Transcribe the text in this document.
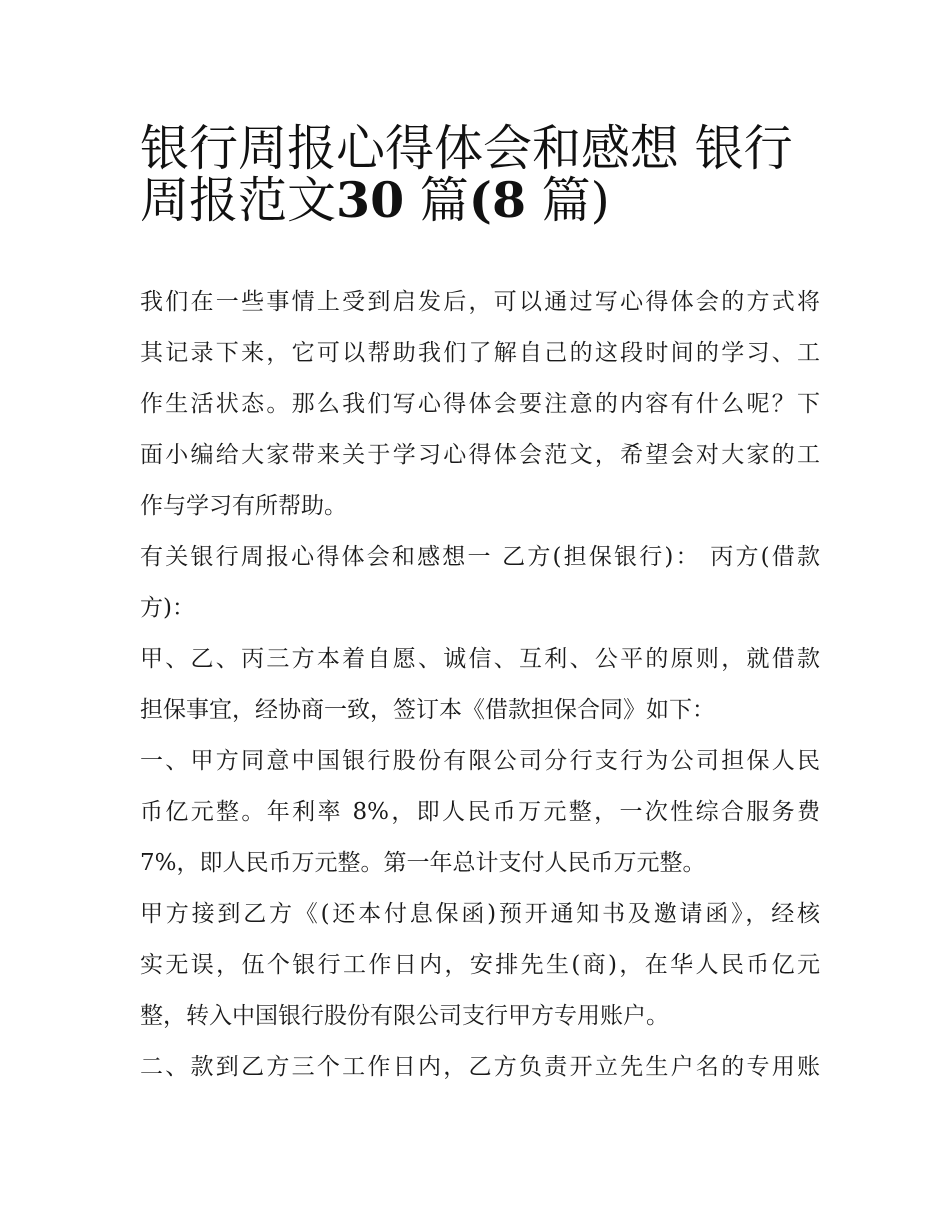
银行周报心得体会和感想 银行
周报范文30 篇(8 篇)
我们在一些事情上受到启发后，可以通过写心得体会的方式将
其记录下来，它可以帮助我们了解自己的这段时间的学习、工
作生活状态。那么我们写心得体会要注意的内容有什么呢？下
面小编给大家带来关于学习心得体会范文，希望会对大家的工
作与学习有所帮助。
有关银行周报心得体会和感想一 乙方(担保银行)： 丙方(借款
方)：
甲、乙、丙三方本着自愿、诚信、互利、公平的原则，就借款
担保事宜，经协商一致，签订本《借款担保合同》如下：
一、甲方同意中国银行股份有限公司分行支行为公司担保人民
币亿元整。年利率 8%，即人民币万元整，一次性综合服务费
7%，即人民币万元整。第一年总计支付人民币万元整。
甲方接到乙方《(还本付息保函)预开通知书及邀请函》，经核
实无误，伍个银行工作日内，安排先生(商)，在华人民币亿元
整，转入中国银行股份有限公司支行甲方专用账户。
二、款到乙方三个工作日内，乙方负责开立先生户名的专用账
